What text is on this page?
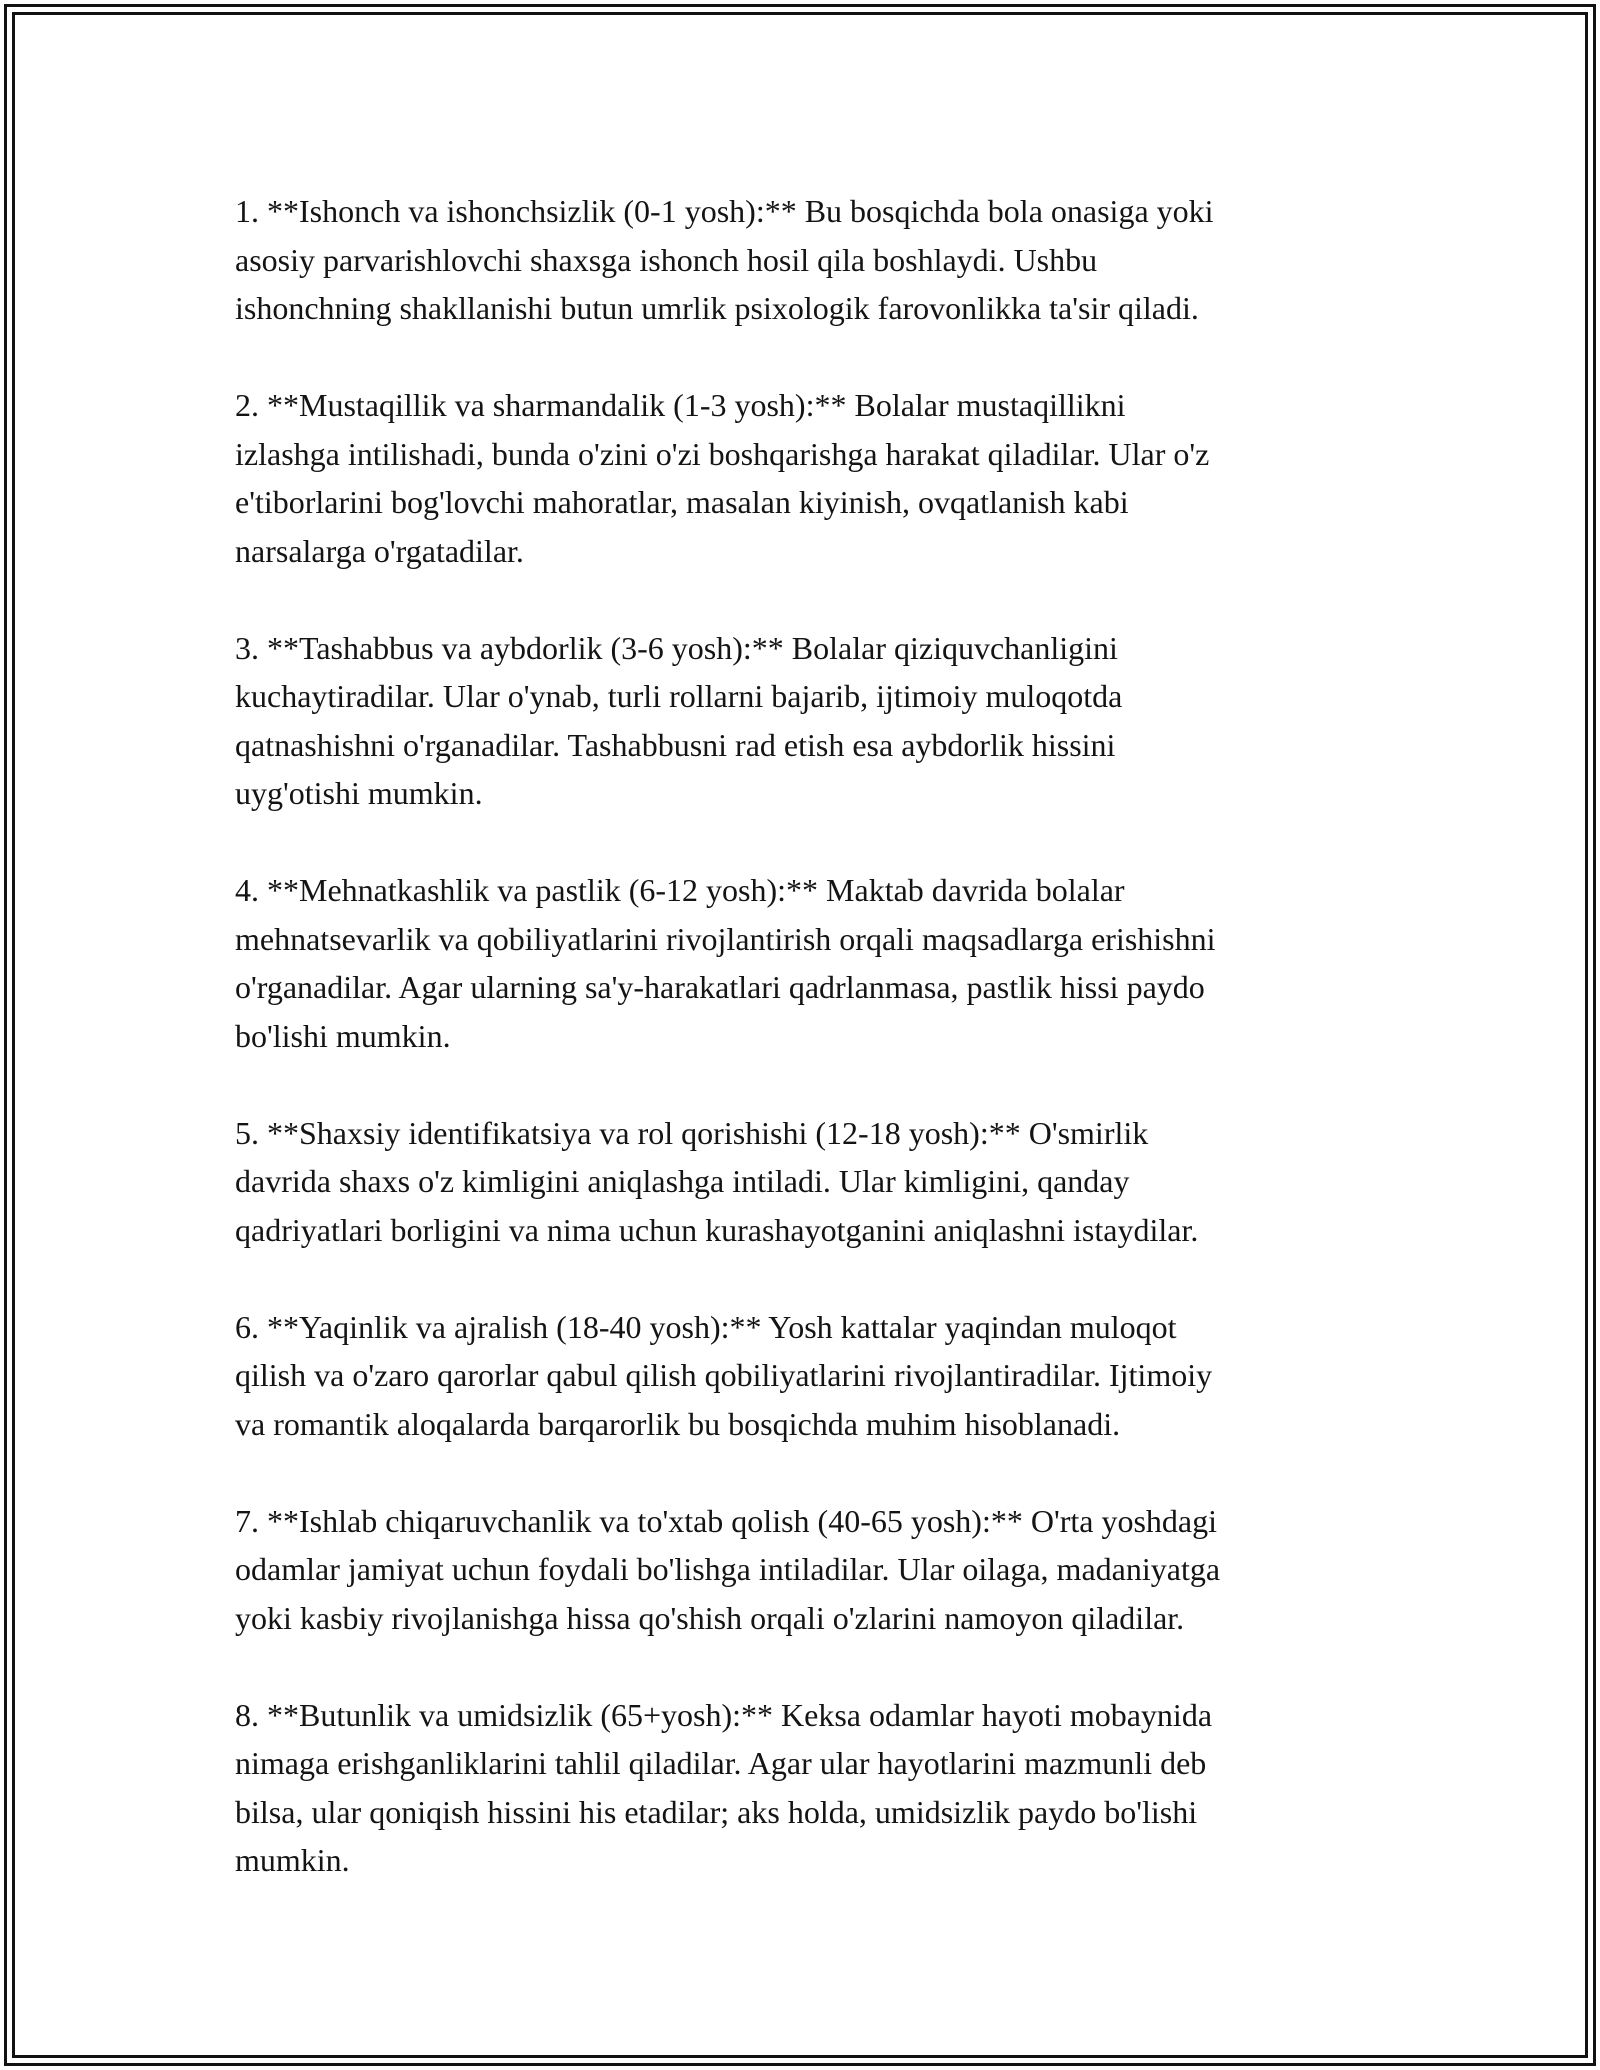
1. **Ishonch va ishonchsizlik (0-1 yosh):** Bu bosqichda bola onasiga yoki
asosiy parvarishlovchi shaxsga ishonch hosil qila boshlaydi. Ushbu
ishonchning shakllanishi butun umrlik psixologik farovonlikka ta'sir qiladi.

2. **Mustaqillik va sharmandalik (1-3 yosh):** Bolalar mustaqillikni
izlashga intilishadi, bunda o'zini o'zi boshqarishga harakat qiladilar. Ular o'z
e'tiborlarini bog'lovchi mahoratlar, masalan kiyinish, ovqatlanish kabi
narsalarga o'rgatadilar.

3. **Tashabbus va aybdorlik (3-6 yosh):** Bolalar qiziquvchanligini
kuchaytiradilar. Ular o'ynab, turli rollarni bajarib, ijtimoiy muloqotda
qatnashishni o'rganadilar. Tashabbusni rad etish esa aybdorlik hissini
uyg'otishi mumkin.

4. **Mehnatkashlik va pastlik (6-12 yosh):** Maktab davrida bolalar
mehnatsevarlik va qobiliyatlarini rivojlantirish orqali maqsadlarga erishishni
o'rganadilar. Agar ularning sa'y-harakatlari qadrlanmasa, pastlik hissi paydo
bo'lishi mumkin.

5. **Shaxsiy identifikatsiya va rol qorishishi (12-18 yosh):** O'smirlik
davrida shaxs o'z kimligini aniqlashga intiladi. Ular kimligini, qanday
qadriyatlari borligini va nima uchun kurashayotganini aniqlashni istaydilar.

6. **Yaqinlik va ajralish (18-40 yosh):** Yosh kattalar yaqindan muloqot
qilish va o'zaro qarorlar qabul qilish qobiliyatlarini rivojlantiradilar. Ijtimoiy
va romantik aloqalarda barqarorlik bu bosqichda muhim hisoblanadi.

7. **Ishlab chiqaruvchanlik va to'xtab qolish (40-65 yosh):** O'rta yoshdagi
odamlar jamiyat uchun foydali bo'lishga intiladilar. Ular oilaga, madaniyatga
yoki kasbiy rivojlanishga hissa qo'shish orqali o'zlarini namoyon qiladilar.

8. **Butunlik va umidsizlik (65+yosh):** Keksa odamlar hayoti mobaynida
nimaga erishganliklarini tahlil qiladilar. Agar ular hayotlarini mazmunli deb
bilsa, ular qoniqish hissini his etadilar; aks holda, umidsizlik paydo bo'lishi
mumkin.
